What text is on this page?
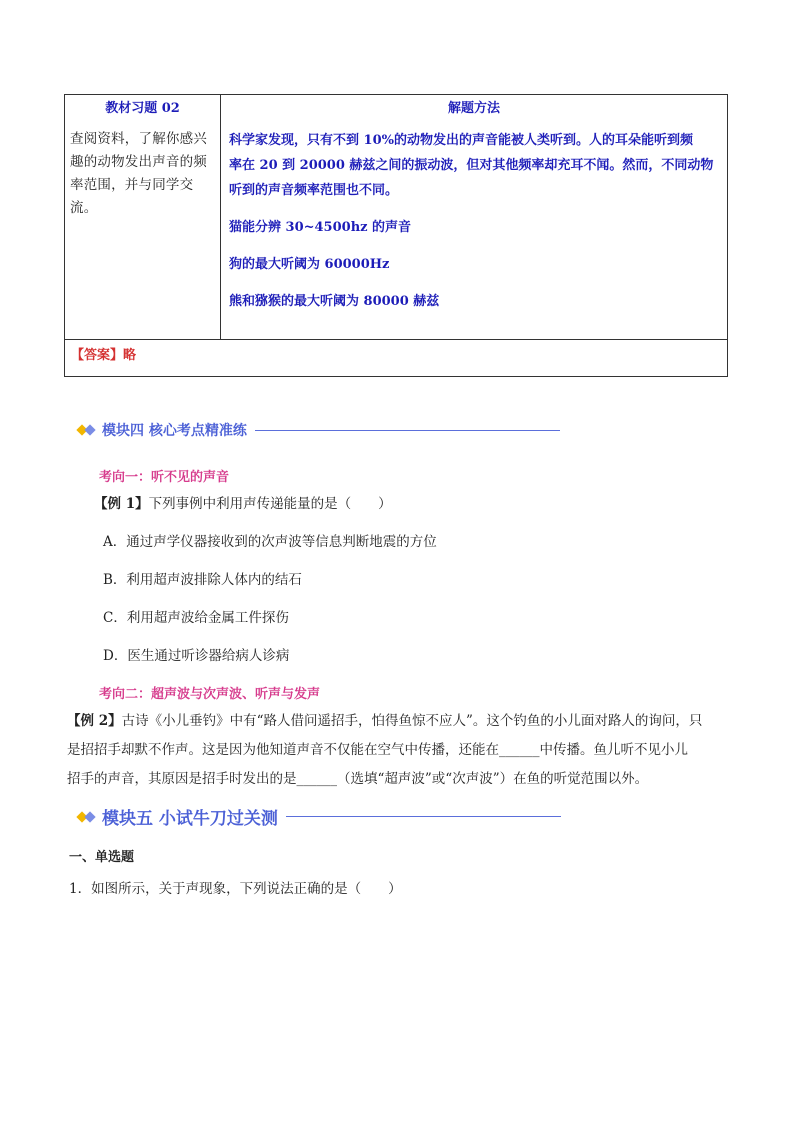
教材习题 02	解题方法
查阅资料，了解你感兴
趣的动物发出声音的频
率范围，并与同学交流。

科学家发现，只有不到 10%的动物发出的声音能被人类听到。人的耳朵能听到频

率在 20 到 20000 赫兹之间的振动波，但对其他频率却充耳不闻。然而，不同动物

听到的声音频率范围也不同。

猫能分辨 30~4500hz 的声音

狗的最大听阈为 60000Hz

熊和猕猴的最大听阈为 80000 赫兹

【答案】略
模块四 核心考点精准练
考向一：听不见的声音
【例 1】下列事例中利用声传递能量的是（　　）
A．通过声学仪器接收到的次声波等信息判断地震的方位
B．利用超声波排除人体内的结石
C．利用超声波给金属工件探伤
D．医生通过听诊器给病人诊病
考向二：超声波与次声波、听声与发声
【例 2】古诗《小儿垂钓》中有“路人借问遥招手，怕得鱼惊不应人”。这个钓鱼的小儿面对路人的询问，只
是招招手却默不作声。这是因为他知道声音不仅能在空气中传播，还能在______中传播。鱼儿听不见小儿
招手的声音，其原因是招手时发出的是______（选填“超声波”或“次声波”）在鱼的听觉范围以外。
模块五 小试牛刀过关测
一、单选题
1．如图所示，关于声现象，下列说法正确的是（　　）
